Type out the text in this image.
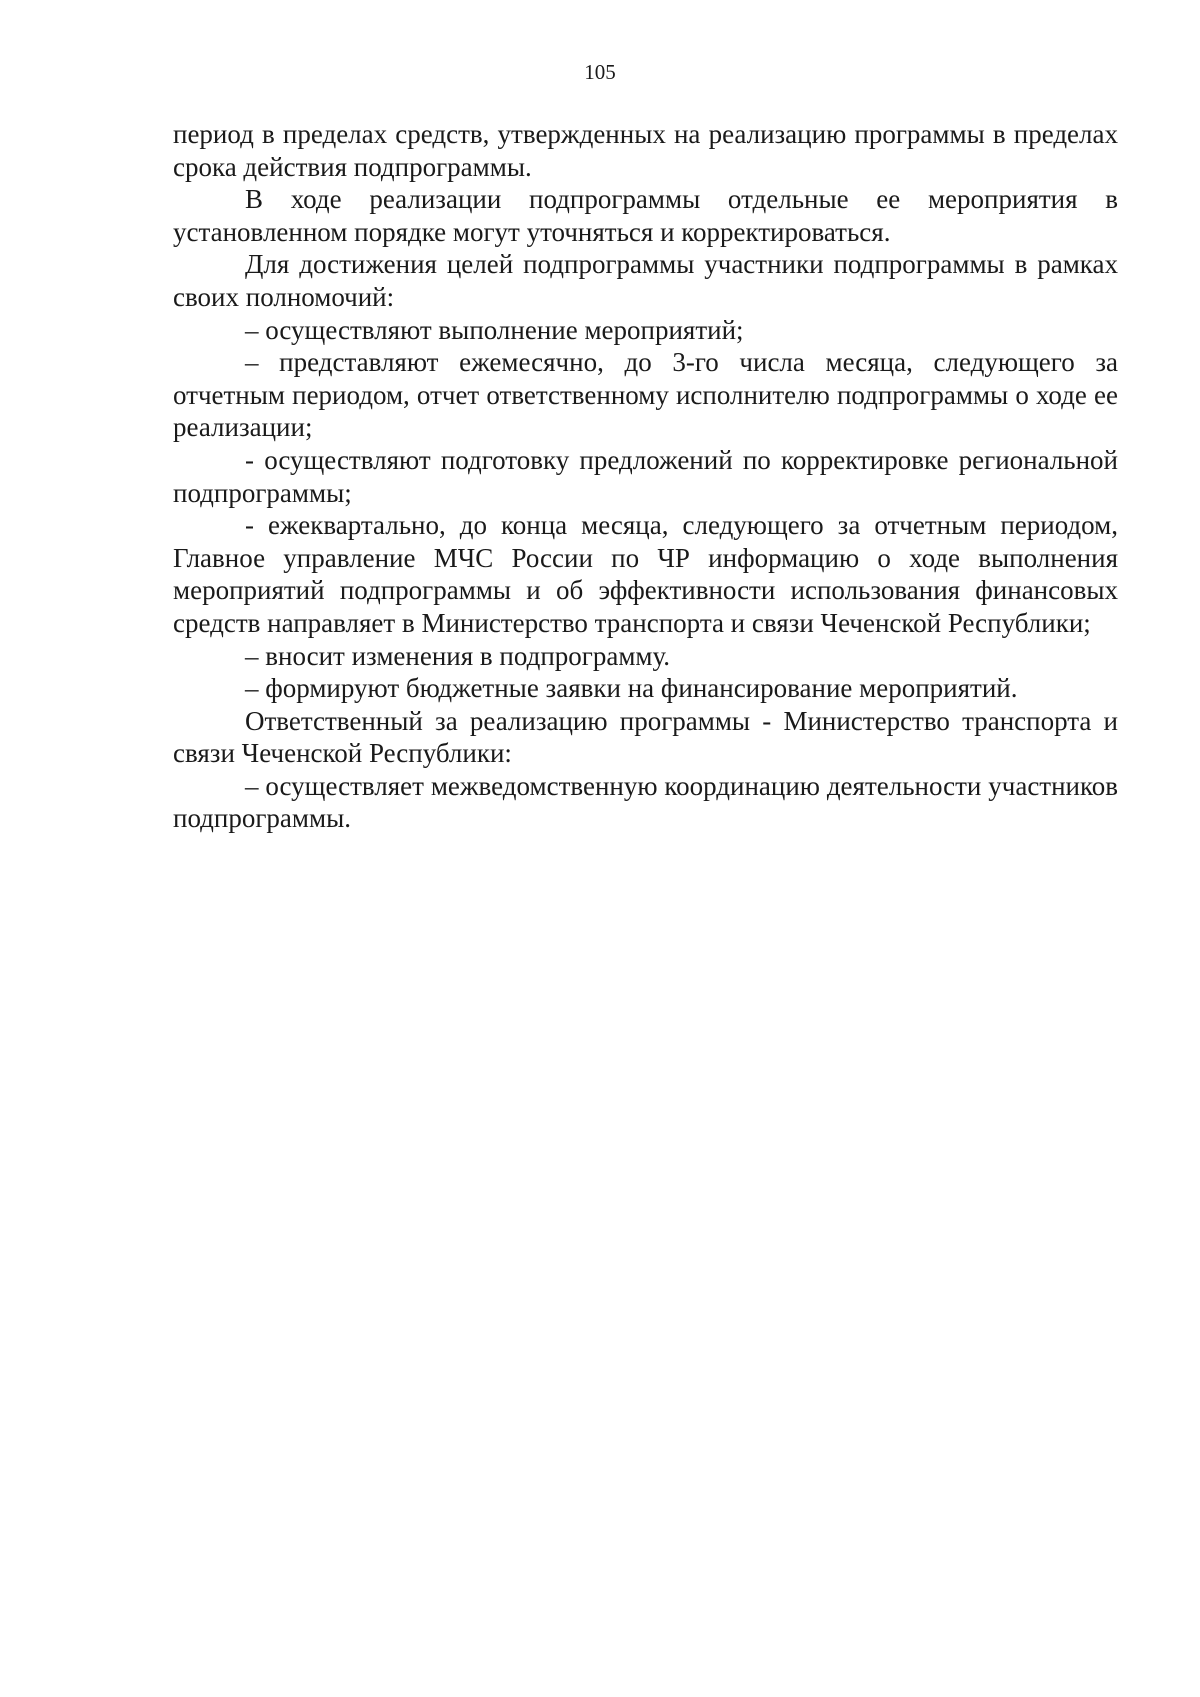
105

период в пределах средств, утвержденных на реализацию программы в пределах срока действия подпрограммы.

В ходе реализации подпрограммы отдельные ее мероприятия в установленном порядке могут уточняться и корректироваться.

Для достижения целей подпрограммы участники подпрограммы в рамках своих полномочий:

– осуществляют выполнение мероприятий;

– представляют ежемесячно, до 3-го числа месяца, следующего за отчетным периодом, отчет ответственному исполнителю подпрограммы о ходе ее реализации;

- осуществляют подготовку предложений по корректировке региональной подпрограммы;

- ежеквартально, до конца месяца, следующего за отчетным периодом, Главное управление МЧС России по ЧР информацию о ходе выполнения мероприятий подпрограммы и об эффективности использования финансовых средств направляет в Министерство транспорта и связи Чеченской Республики;

– вносит изменения в подпрограмму.

– формируют бюджетные заявки на финансирование мероприятий.

Ответственный за реализацию программы - Министерство транспорта и связи Чеченской Республики:

– осуществляет межведомственную координацию деятельности участников подпрограммы.
